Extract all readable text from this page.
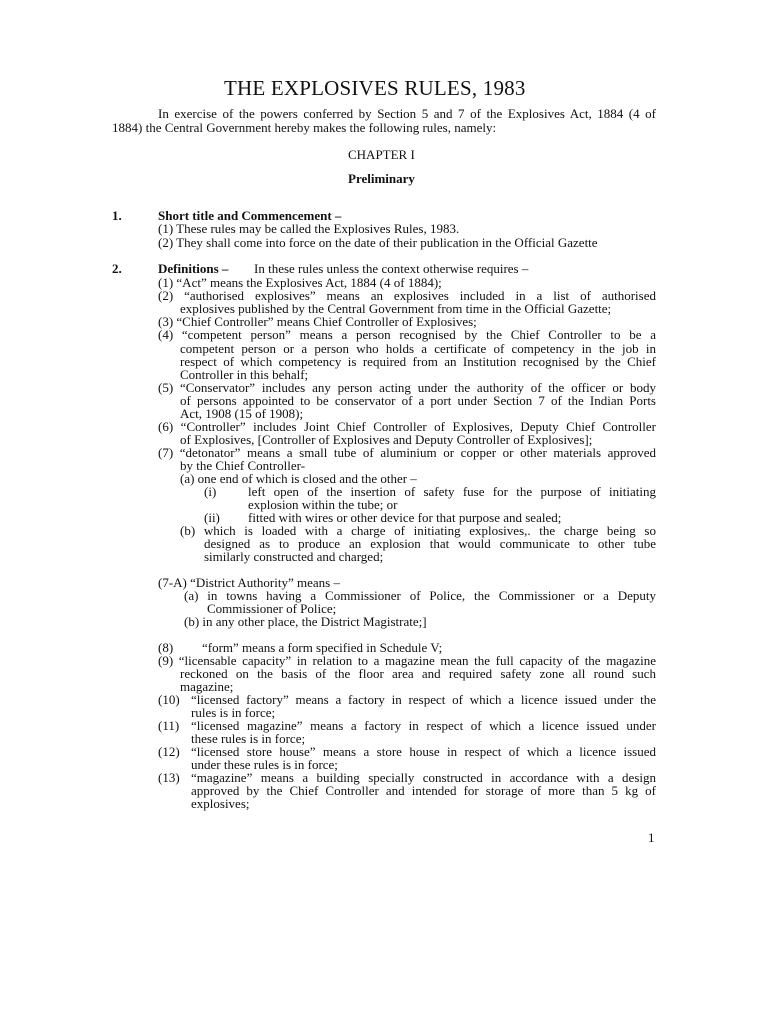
THE EXPLOSIVES RULES, 1983
In exercise of the powers conferred by Section 5 and 7 of the Explosives Act, 1884 (4 of
1884) the Central Government hereby makes the following rules, namely:
CHAPTER I
Preliminary
1.	Short title and Commencement –
(1) These rules may be called the Explosives Rules, 1983.
(2) They shall come into force on the date of their publication in the Official Gazette
2.	Definitions – In these rules unless the context otherwise requires –
(1) “Act” means the Explosives Act, 1884 (4 of 1884);
(2) “authorised explosives” means an explosives included in a list of authorised
explosives published by the Central Government from time in the Official Gazette;
(3) “Chief Controller” means Chief Controller of Explosives;
(4) “competent person” means a person recognised by the Chief Controller to be a
competent person or a person who holds a certificate of competency in the job in
respect of which competency is required from an Institution recognised by the Chief
Controller in this behalf;
(5) “Conservator” includes any person acting under the authority of the officer or body
of persons appointed to be conservator of a port under Section 7 of the Indian Ports
Act, 1908 (15 of 1908);
(6) “Controller” includes Joint Chief Controller of Explosives, Deputy Chief Controller
of Explosives, [Controller of Explosives and Deputy Controller of Explosives];
(7) “detonator” means a small tube of aluminium or copper or other materials approved
by the Chief Controller-
(a) one end of which is closed and the other –
(i) left open of the insertion of safety fuse for the purpose of initiating
explosion within the tube; or
(ii) fitted with wires or other device for that purpose and sealed;
(b) which is loaded with a charge of initiating explosives,. the charge being so
designed as to produce an explosion that would communicate to other tube
similarly constructed and charged;
(7-A) “District Authority” means –
(a) in towns having a Commissioner of Police, the Commissioner or a Deputy
Commissioner of Police;
(b) in any other place, the District Magistrate;]
(8) “form” means a form specified in Schedule V;
(9) “licensable capacity” in relation to a magazine mean the full capacity of the magazine
reckoned on the basis of the floor area and required safety zone all round such
magazine;
(10) “licensed factory” means a factory in respect of which a licence issued under the
rules is in force;
(11) “licensed magazine” means a factory in respect of which a licence issued under
these rules is in force;
(12) “licensed store house” means a store house in respect of which a licence issued
under these rules is in force;
(13) “magazine” means a building specially constructed in accordance with a design
approved by the Chief Controller and intended for storage of more than 5 kg of
explosives;
1
